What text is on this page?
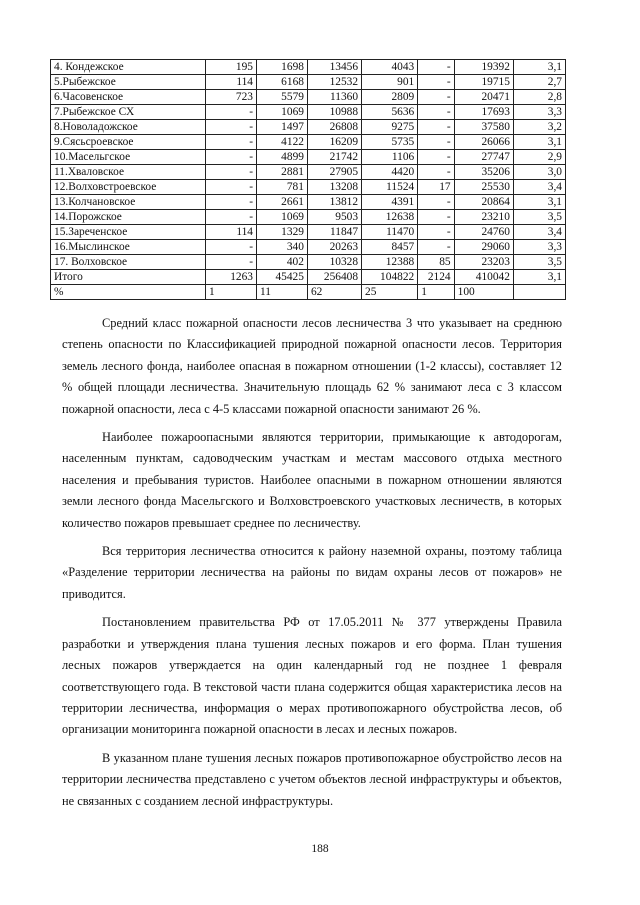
4. Кондежское	195	1698	13456	4043	-	19392	3,1
5.Рыбежское	114	6168	12532	901	-	19715	2,7
6.Часовенское	723	5579	11360	2809	-	20471	2,8
7.Рыбежское СХ	-	1069	10988	5636	-	17693	3,3
8.Новоладожское	-	1497	26808	9275	-	37580	3,2
9.Сясьсроевское	-	4122	16209	5735	-	26066	3,1
10.Масельгское	-	4899	21742	1106	-	27747	2,9
11.Хваловское	-	2881	27905	4420	-	35206	3,0
12.Волховстроевское	-	781	13208	11524	17	25530	3,4
13.Колчановское	-	2661	13812	4391	-	20864	3,1
14.Порожское	-	1069	9503	12638	-	23210	3,5
15.Зареченское	114	1329	11847	11470	-	24760	3,4
16.Мыслинское	-	340	20263	8457	-	29060	3,3
17. Волховское	-	402	10328	12388	85	23203	3,5
Итого	1263	45425	256408	104822	2124	410042	3,1
%	1	11	62	25	1	100	

Средний класс пожарной опасности лесов лесничества 3 что указывает на среднюю степень опасности по Классификацией природной пожарной опасности лесов. Территория земель лесного фонда, наиболее опасная в пожарном отношении (1-2 классы), составляет 12 % общей площади лесничества. Значительную площадь 62 % занимают леса с 3 классом пожарной опасности, леса с 4-5 классами пожарной опасности занимают 26 %.

Наиболее пожароопасными являются территории, примыкающие к автодорогам, населенным пунктам, садоводческим участкам и местам массового отдыха местного населения и пребывания туристов. Наиболее опасными в пожарном отношении являются земли лесного фонда Масельгского и Волховстроевского участковых лесничеств, в которых количество пожаров превышает среднее по лесничеству.

Вся территория лесничества относится к району наземной охраны, поэтому таблица «Разделение территории лесничества на районы по видам охраны лесов от пожаров» не приводится.

Постановлением правительства РФ от 17.05.2011 № 377 утверждены Правила разработки и утверждения плана тушения лесных пожаров и его форма. План тушения лесных пожаров утверждается на один календарный год не позднее 1 февраля соответствующего года. В текстовой части плана содержится общая характеристика лесов на территории лесничества, информация о мерах противопожарного обустройства лесов, об организации мониторинга пожарной опасности в лесах и лесных пожаров.

В указанном плане тушения лесных пожаров противопожарное обустройство лесов на территории лесничества представлено с учетом объектов лесной инфраструктуры и объектов, не связанных с созданием лесной инфраструктуры.

188
